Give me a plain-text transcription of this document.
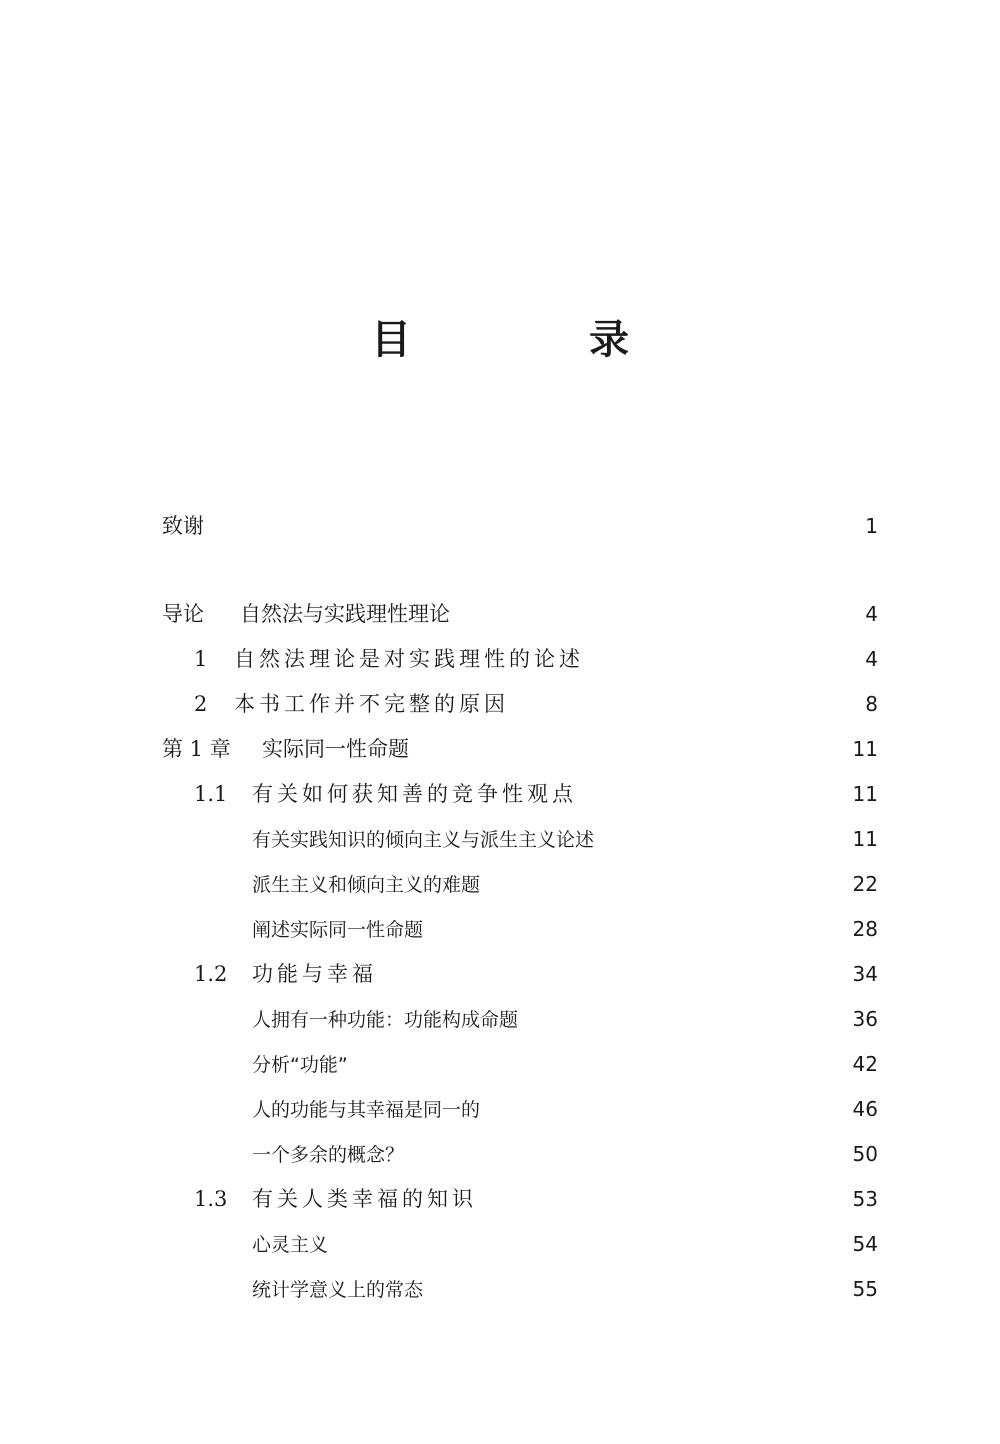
目 录
致谢	1
导论	自然法与实践理性理论	4
1	自然法理论是对实践理性的论述	4
2	本书工作并不完整的原因	8
第 1 章	实际同一性命题	11
1.1	有关如何获知善的竞争性观点	11
有关实践知识的倾向主义与派生主义论述	11
派生主义和倾向主义的难题	22
阐述实际同一性命题	28
1.2	功能与幸福	34
人拥有一种功能：功能构成命题	36
分析“功能”	42
人的功能与其幸福是同一的	46
一个多余的概念？	50
1.3	有关人类幸福的知识	53
心灵主义	54
统计学意义上的常态	55
